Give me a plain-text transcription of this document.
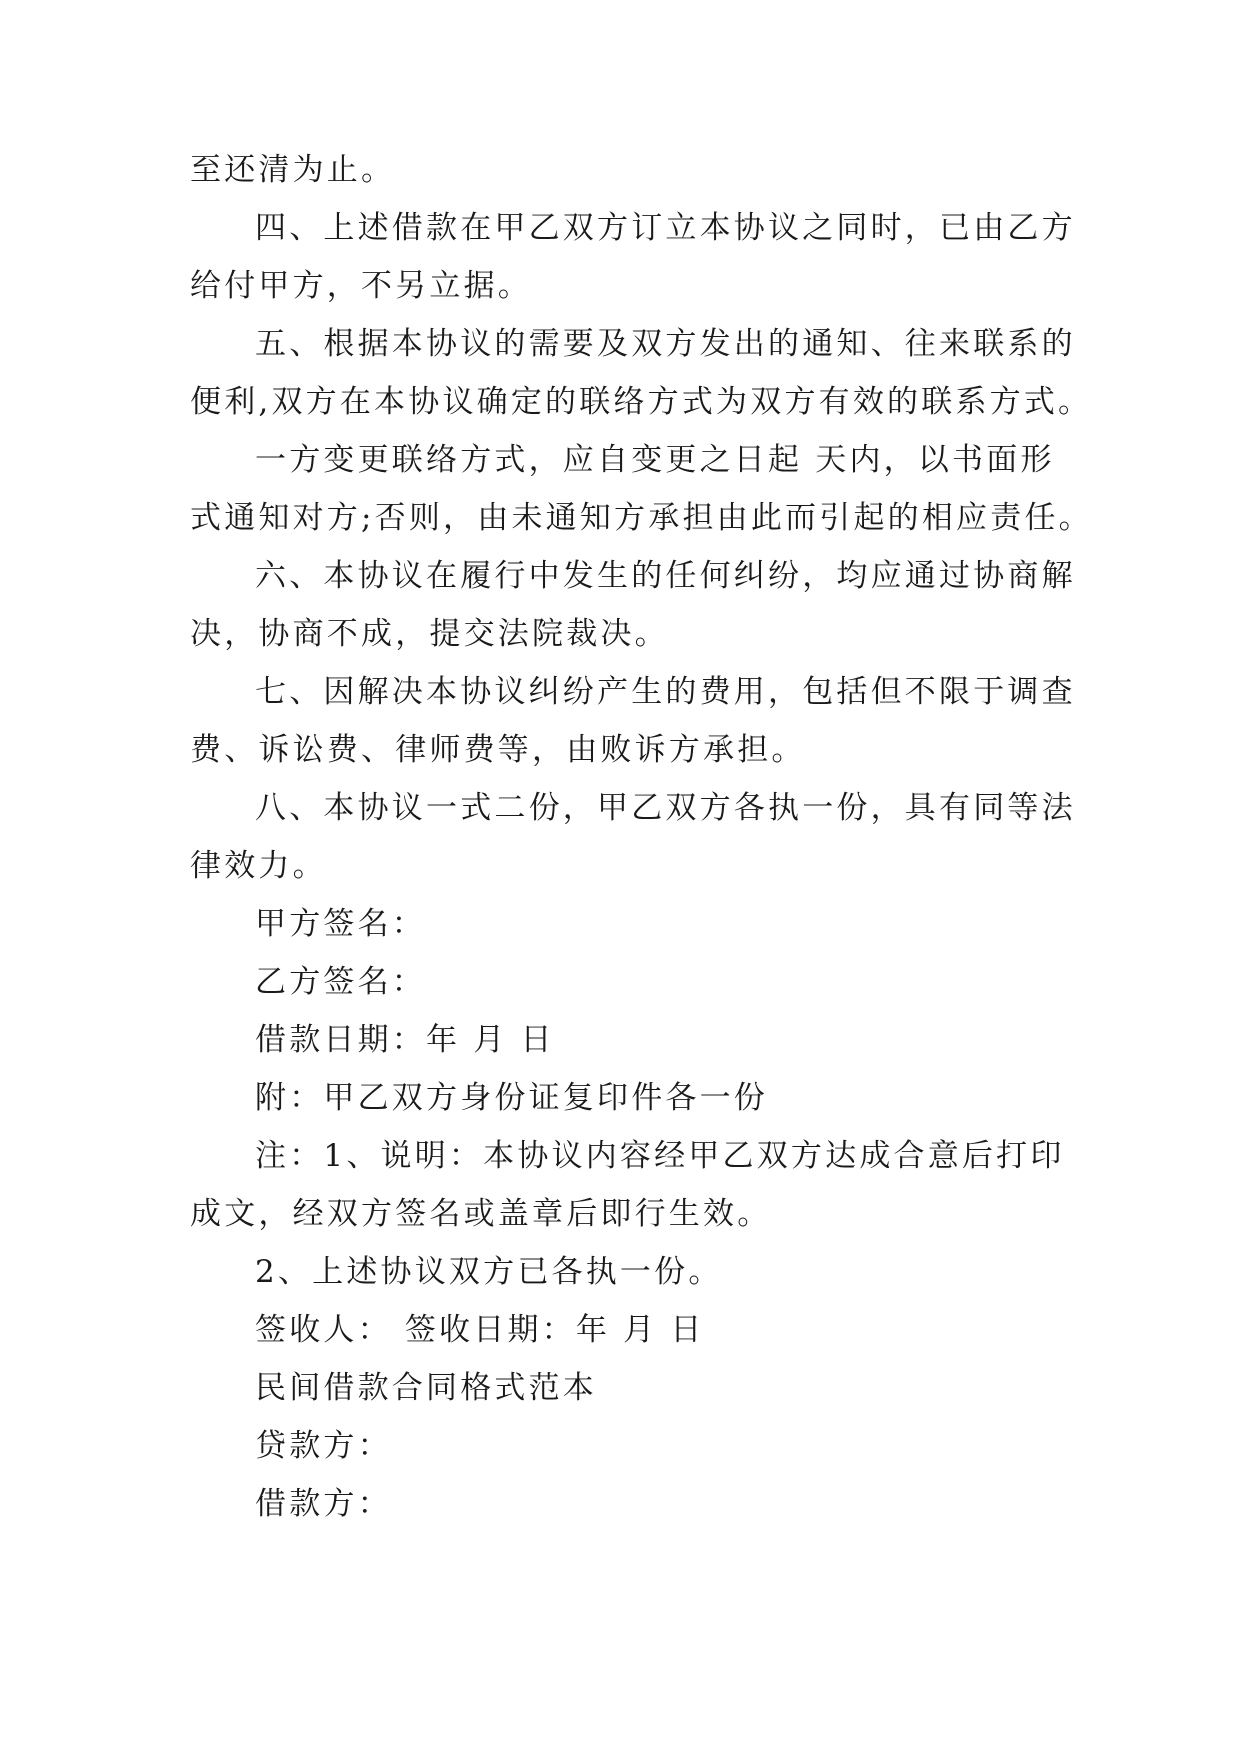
至还清为止。
四、上述借款在甲乙双方订立本协议之同时，已由乙方
给付甲方，不另立据。
五、根据本协议的需要及双方发出的通知、往来联系的
便利,双方在本协议确定的联络方式为双方有效的联系方式。
一方变更联络方式，应自变更之日起 天内，以书面形
式通知对方;否则，由未通知方承担由此而引起的相应责任。
六、本协议在履行中发生的任何纠纷，均应通过协商解
决，协商不成，提交法院裁决。
七、因解决本协议纠纷产生的费用，包括但不限于调查
费、诉讼费、律师费等，由败诉方承担。
八、本协议一式二份，甲乙双方各执一份，具有同等法
律效力。
甲方签名：
乙方签名：
借款日期：年 月 日
附：甲乙双方身份证复印件各一份
注：1、说明：本协议内容经甲乙双方达成合意后打印
成文，经双方签名或盖章后即行生效。
2、上述协议双方已各执一份。
签收人： 签收日期：年 月 日
民间借款合同格式范本
贷款方：
借款方：
